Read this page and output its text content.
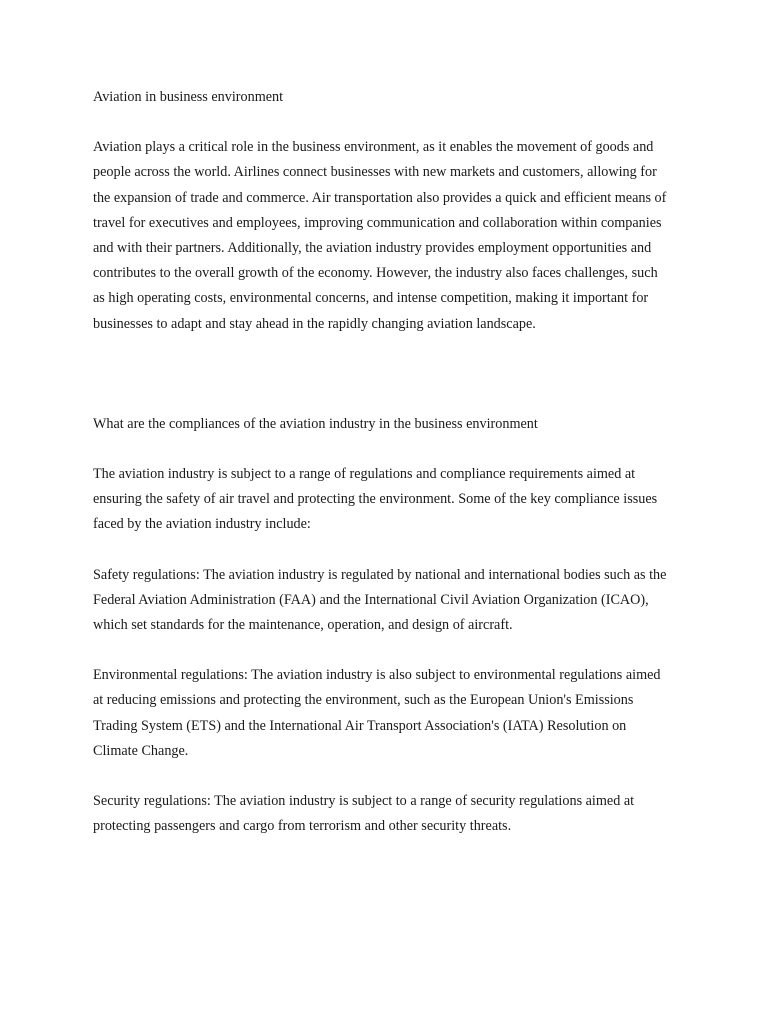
Aviation in business environment

Aviation plays a critical role in the business environment, as it enables the movement of goods and people across the world. Airlines connect businesses with new markets and customers, allowing for the expansion of trade and commerce. Air transportation also provides a quick and efficient means of travel for executives and employees, improving communication and collaboration within companies and with their partners. Additionally, the aviation industry provides employment opportunities and contributes to the overall growth of the economy. However, the industry also faces challenges, such as high operating costs, environmental concerns, and intense competition, making it important for businesses to adapt and stay ahead in the rapidly changing aviation landscape.

What are the compliances of the aviation industry in the business environment

The aviation industry is subject to a range of regulations and compliance requirements aimed at ensuring the safety of air travel and protecting the environment. Some of the key compliance issues faced by the aviation industry include:

Safety regulations: The aviation industry is regulated by national and international bodies such as the Federal Aviation Administration (FAA) and the International Civil Aviation Organization (ICAO), which set standards for the maintenance, operation, and design of aircraft.

Environmental regulations: The aviation industry is also subject to environmental regulations aimed at reducing emissions and protecting the environment, such as the European Union's Emissions Trading System (ETS) and the International Air Transport Association's (IATA) Resolution on Climate Change.

Security regulations: The aviation industry is subject to a range of security regulations aimed at protecting passengers and cargo from terrorism and other security threats.
